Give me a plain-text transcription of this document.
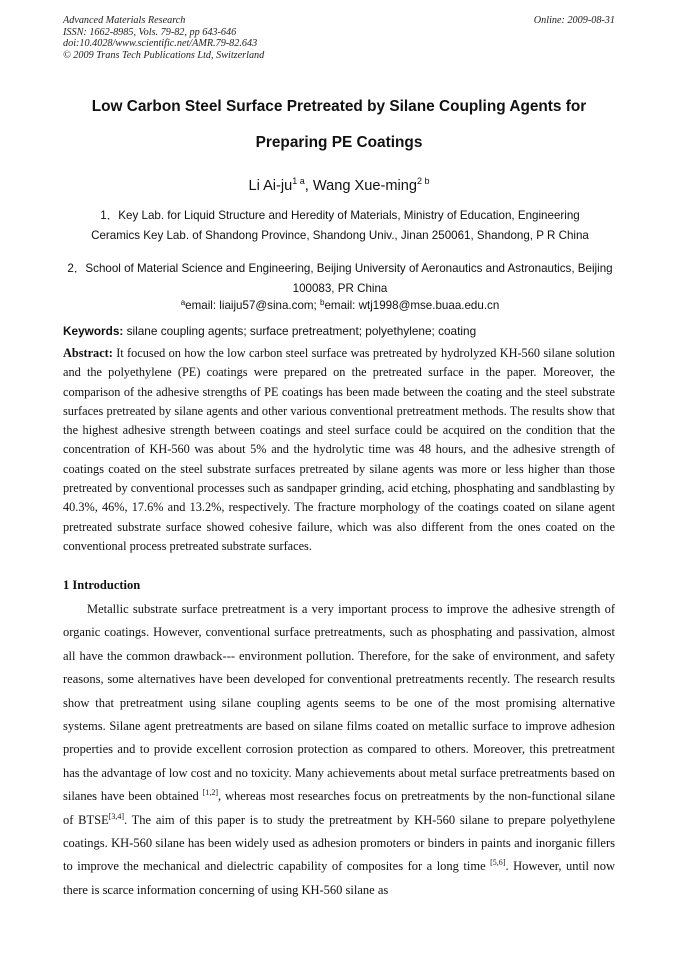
Advanced Materials Research
ISSN: 1662-8985, Vols. 79-82, pp 643-646
doi:10.4028/www.scientific.net/AMR.79-82.643
© 2009 Trans Tech Publications Ltd, Switzerland
Online: 2009-08-31
Low Carbon Steel Surface Pretreated by Silane Coupling Agents for
Preparing PE Coatings
Li $Ai-ju^{1 a}$, Wang Xue-ming$^{2 b}$
1．Key Lab. for Liquid Structure and Heredity of Materials, Ministry of Education, Engineering Ceramics Key Lab. of Shandong Province, Shandong Univ., Jinan 250061, Shandong, P R China
2．School of Material Science and Engineering, Beijing University of Aeronautics and Astronautics, Beijing 100083, PR China
$^a$email: liaiju57@sina.com; $^b$email: wtj1998@mse.buaa.edu.cn
Keywords: silane coupling agents; surface pretreatment; polyethylene; coating
Abstract: It focused on how the low carbon steel surface was pretreated by hydrolyzed KH-560 silane solution and the polyethylene (PE) coatings were prepared on the pretreated surface in the paper. Moreover, the comparison of the adhesive strengths of PE coatings has been made between the coating and the steel substrate surfaces pretreated by silane agents and other various conventional pretreatment methods. The results show that the highest adhesive strength between coatings and steel surface could be acquired on the condition that the concentration of KH-560 was about 5% and the hydrolytic time was 48 hours, and the adhesive strength of coatings coated on the steel substrate surfaces pretreated by silane agents was more or less higher than those pretreated by conventional processes such as sandpaper grinding, acid etching, phosphating and sandblasting by 40.3%, 46%, 17.6% and 13.2%, respectively. The fracture morphology of the coatings coated on silane agent pretreated substrate surface showed cohesive failure, which was also different from the ones coated on the conventional process pretreated substrate surfaces.
1 Introduction
Metallic substrate surface pretreatment is a very important process to improve the adhesive strength of organic coatings. However, conventional surface pretreatments, such as phosphating and passivation, almost all have the common drawback--- environment pollution. Therefore, for the sake of environment, and safety reasons, some alternatives have been developed for conventional pretreatments recently. The research results show that pretreatment using silane coupling agents seems to be one of the most promising alternative systems. Silane agent pretreatments are based on silane films coated on metallic surface to improve adhesion properties and to provide excellent corrosion protection as compared to others. Moreover, this pretreatment has the advantage of low cost and no toxicity. Many achievements about metal surface pretreatments based on silanes have been obtained [1,2], whereas most researches focus on pretreatments by the non-functional silane of BTSE[3,4]. The aim of this paper is to study the pretreatment by KH-560 silane to prepare polyethylene coatings. KH-560 silane has been widely used as adhesion promoters or binders in paints and inorganic fillers to improve the mechanical and dielectric capability of composites for a long time [5,6]. However, until now there is scarce information concerning of using KH-560 silane as
